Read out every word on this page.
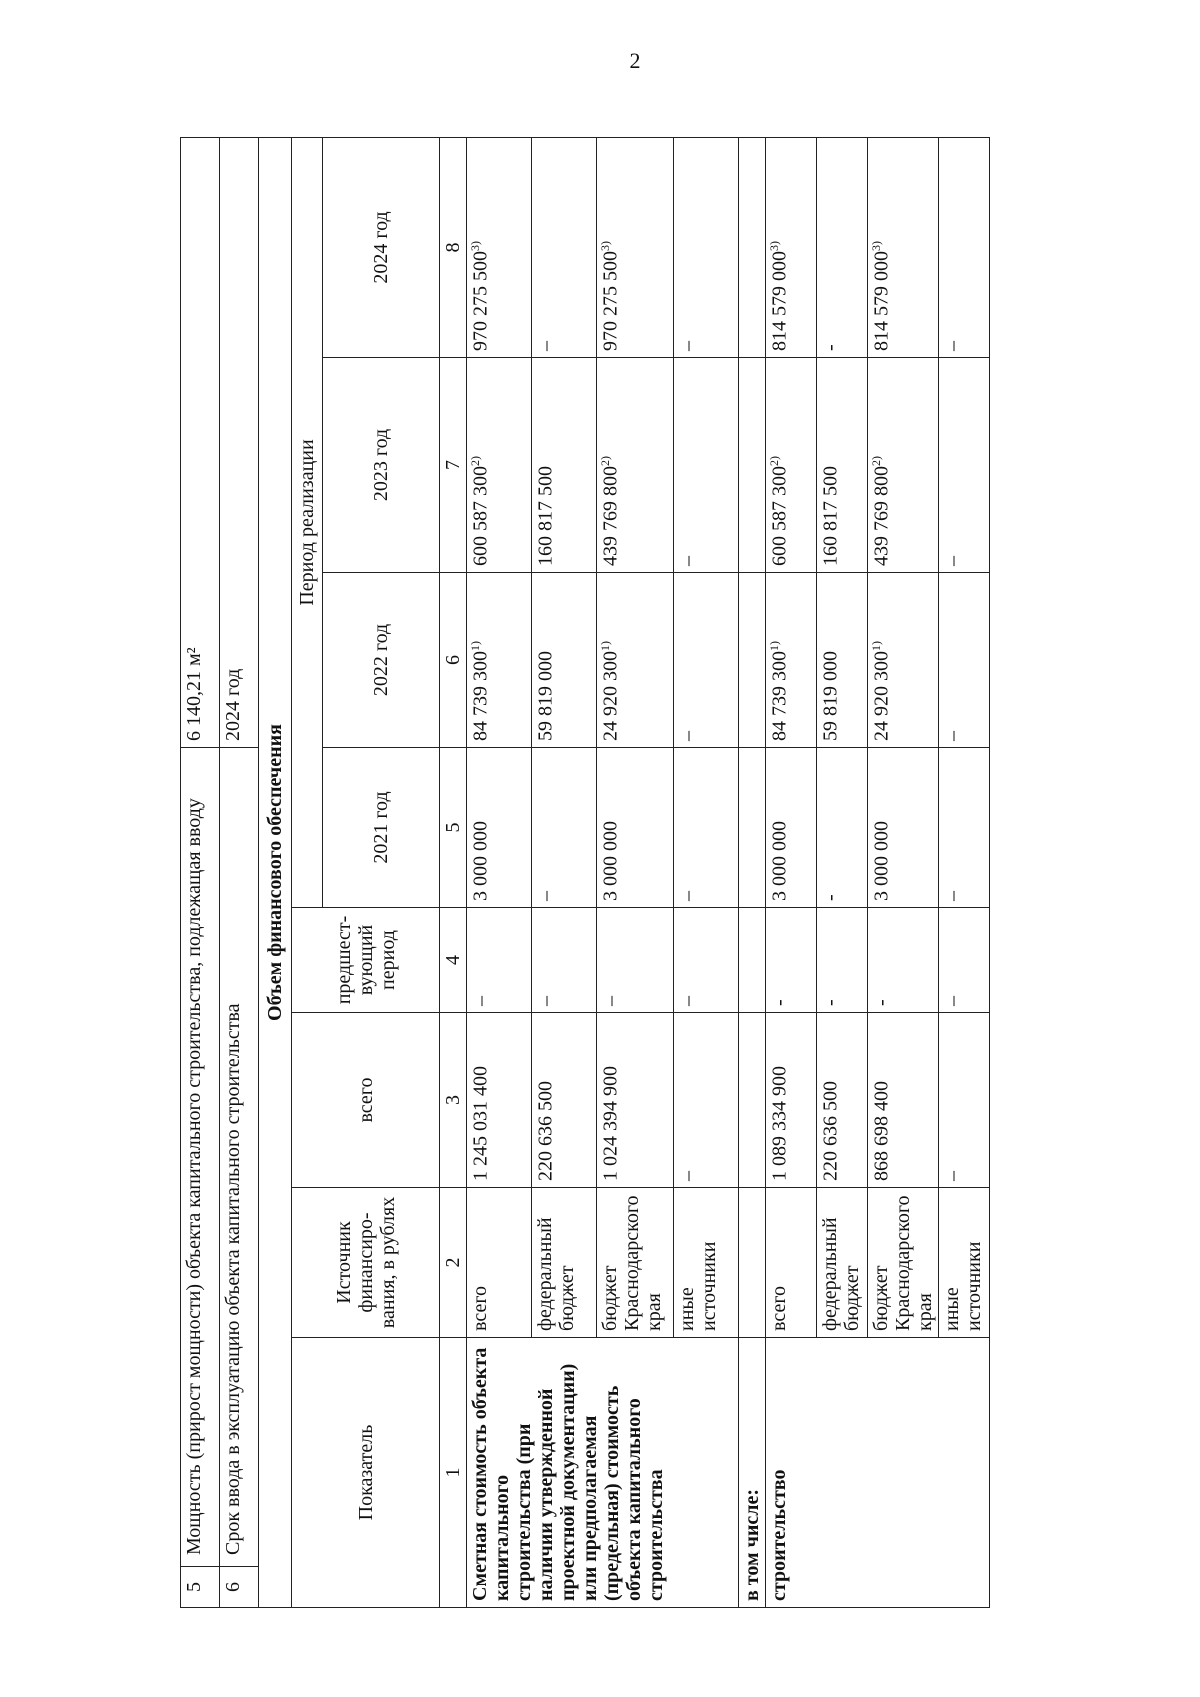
2
5
Мощность (прирост мощности) объекта капитального строительства, подлежащая вводу					6 140,21 м²		

6
Срок ввода в эксплуатацию объекта капитального строительства					2024 год		
Объем финансового обеспечения							
Показатель	Источник финансиро-вания, в рублях	всего	предшест-вующий период	Период реализации			
				2021 год	2022 год	2023 год	2024 год

1	2	3	4	5	6	7	8
Сметная стоимость объекта капитального строительства (при наличии утвержденной проектной документации) или предполагаемая (предельная) стоимость объекта капитального строительства	всего	1 245 031 400	–	3 000 000	84 739 300$^{1)}$	600 587 300$^{2)}$	970 275 500$^{3)}$
	федеральный бюджет	220 636 500	–	–	59 819 000	160 817 500	–
	бюджет Краснодарского края	1 024 394 900	–	3 000 000	24 920 300$^{1)}$	439 769 800$^{2)}$	970 275 500$^{3)}$
	иные источники	–	–	–	–	–	–
в том числе:							
строительство	всего	1 089 334 900	-	3 000 000	84 739 300$^{1)}$	600 587 300$^{2)}$	814 579 000$^{3)}$
	федеральный бюджет	220 636 500	-	-	59 819 000	160 817 500	-
	бюджет Краснодарского края	868 698 400	-	3 000 000	24 920 300$^{1)}$	439 769 800$^{2)}$	814 579 000$^{3)}$
	иные источники	–	–	–	–	–	–
